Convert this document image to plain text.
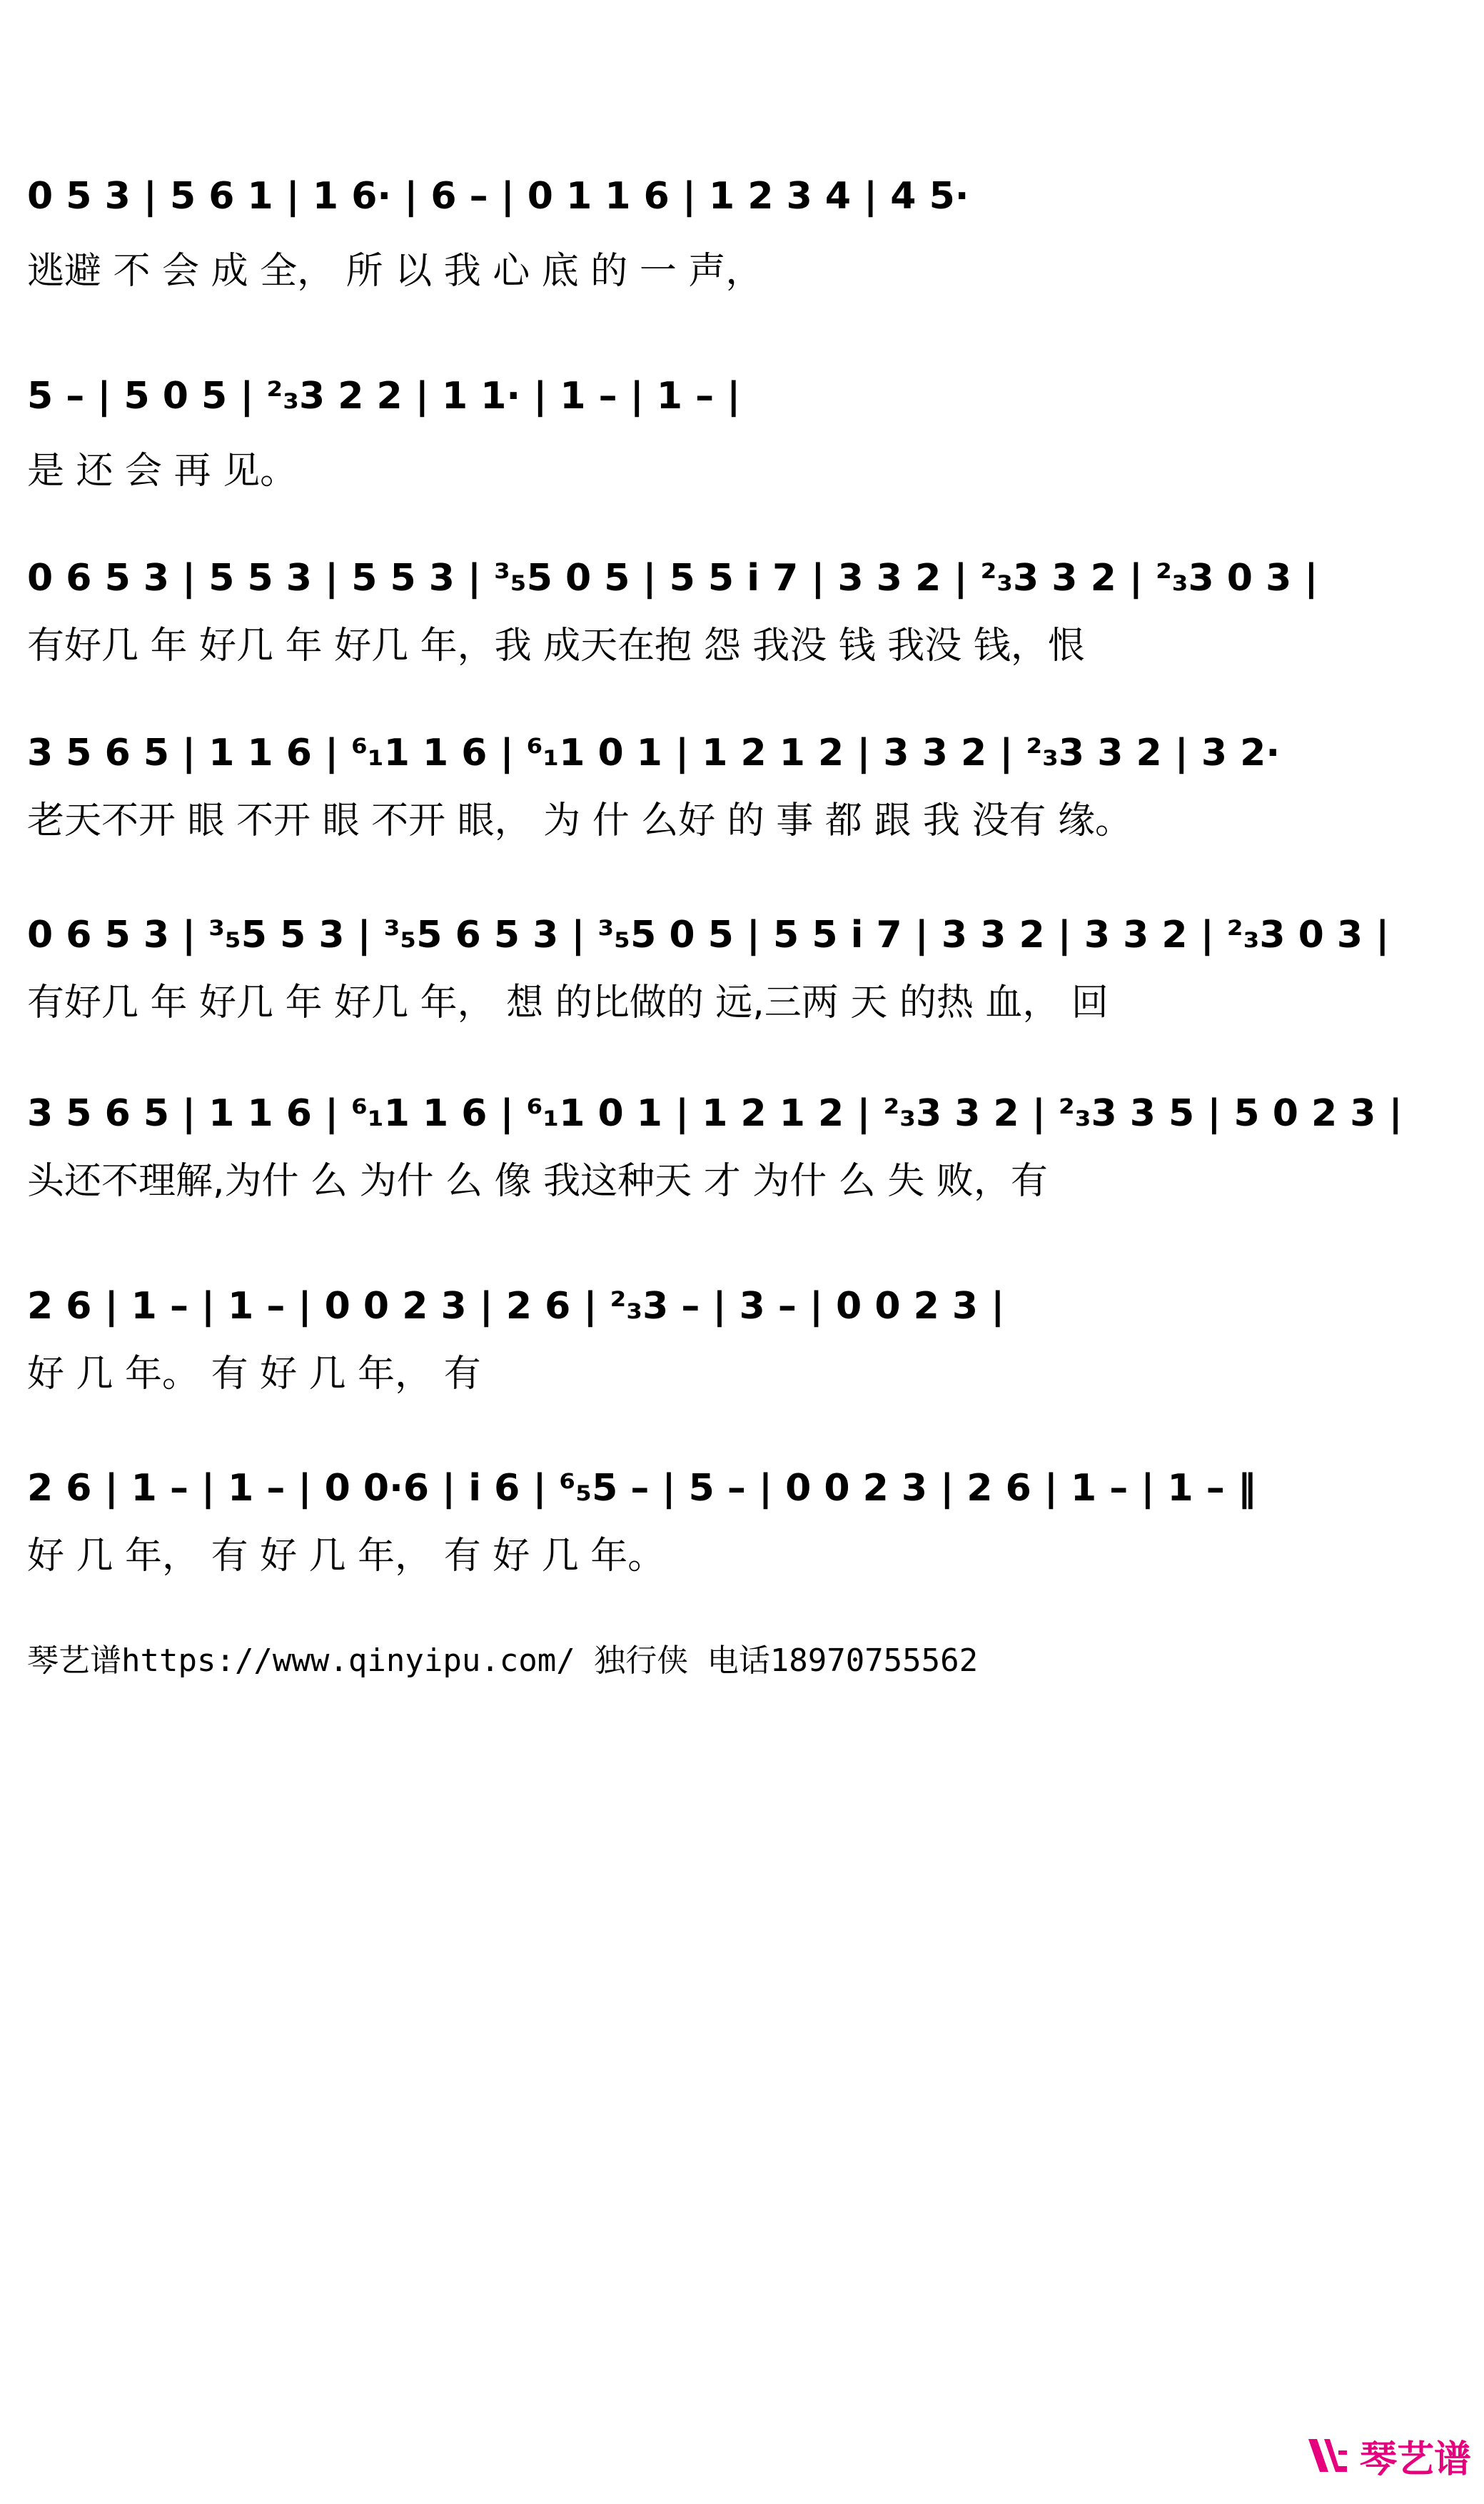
0 5 3 | 5 6 1 | 1 6· | 6 – | 0 1 1 6 | 1 2 3 4 | 4 5·
逃避 不 会 成 全， 所 以 我 心 底 的 一 声，
5 – | 5 0 5 | ²₃3 2 2 | 1 1· | 1 – | 1 – |
是 还 会 再 见。
0 6 5 3 | 5 5 3 | 5 5 3 | ³₅5 0 5 | 5 5 i 7 | 3 3 2 | ²₃3 3 2 | ²₃3 0 3 |
有好几 年 好几 年 好几 年，我 成天在抱 怨 我没 钱 我没 钱，恨
3 5 6 5 | 1 1 6 | ⁶₁1 1 6 | ⁶₁1 0 1 | 1 2 1 2 | 3 3 2 | ²₃3 3 2 | 3 2·
老天不开 眼 不开 眼 不开 眼， 为 什 么好 的 事 都 跟 我 没有 缘。
0 6 5 3 | ³₅5 5 3 | ³₅5 6 5 3 | ³₅5 0 5 | 5 5 i 7 | 3 3 2 | 3 3 2 | ²₃3 0 3 |
有好几 年 好几 年 好几 年， 想 的比做的 远,三两 天 的热 血， 回
3 5 6 5 | 1 1 6 | ⁶₁1 1 6 | ⁶₁1 0 1 | 1 2 1 2 | ²₃3 3 2 | ²₃3 3 5 | 5 0 2 3 |
头还不理解,为什 么 为什 么 像 我这种天 才 为什 么 失 败，有
2 6 | 1 – | 1 – | 0 0 2 3 | 2 6 | ²₃3 – | 3 – | 0 0 2 3 |
好 几 年。 有 好 几 年， 有
2 6 | 1 – | 1 – | 0 0·6 | i 6 | ⁶₅5 – | 5 – | 0 0 2 3 | 2 6 | 1 – | 1 – ‖
好 几 年， 有 好 几 年， 有 好 几 年。
琴艺谱https://www.qinyipu.com/ 独行侠 电话18970755562
琴艺谱
